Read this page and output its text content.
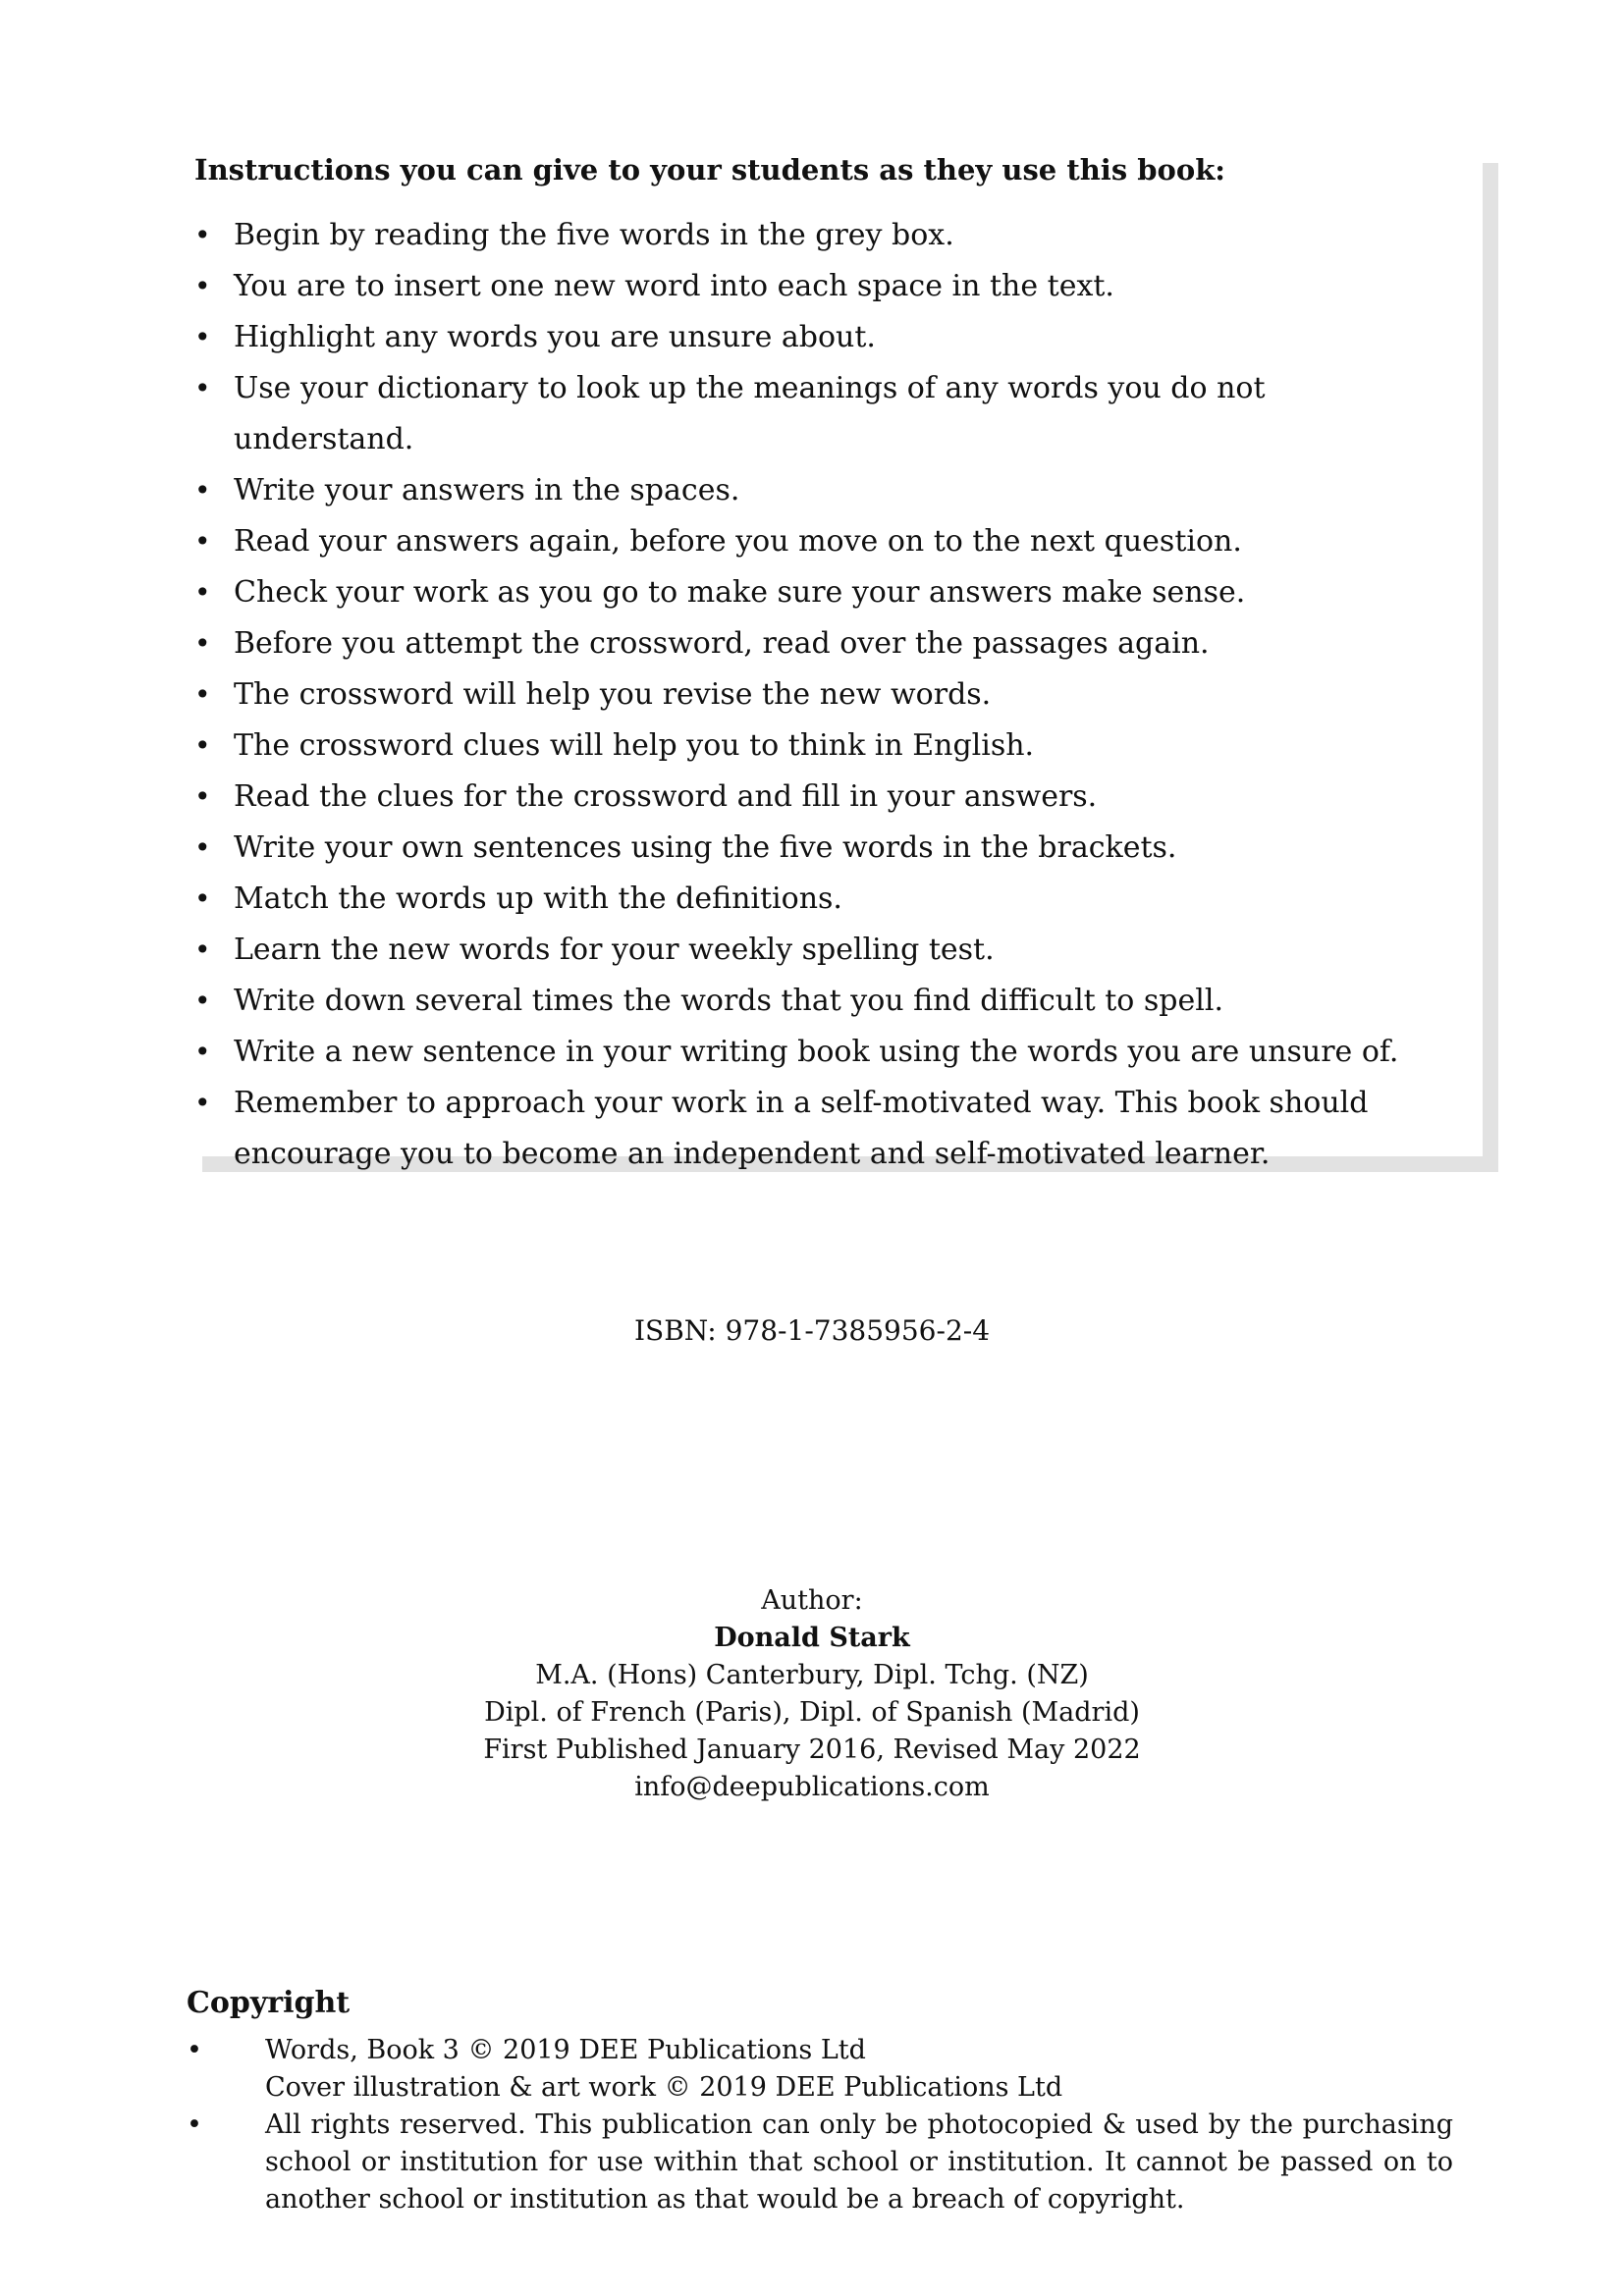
Instructions you can give to your students as they use this book:
• Begin by reading the five words in the grey box.
• You are to insert one new word into each space in the text.
• Highlight any words you are unsure about.
• Use your dictionary to look up the meanings of any words you do not understand.
• Write your answers in the spaces.
• Read your answers again, before you move on to the next question.
• Check your work as you go to make sure your answers make sense.
• Before you attempt the crossword, read over the passages again.
• The crossword will help you revise the new words.
• The crossword clues will help you to think in English.
• Read the clues for the crossword and fill in your answers.
• Write your own sentences using the five words in the brackets.
• Match the words up with the definitions.
• Learn the new words for your weekly spelling test.
• Write down several times the words that you find difficult to spell.
• Write a new sentence in your writing book using the words you are unsure of.
• Remember to approach your work in a self-motivated way. This book should encourage you to become an independent and self-motivated learner.
ISBN: 978-1-7385956-2-4
Author:
Donald Stark
M.A. (Hons) Canterbury, Dipl. Tchg. (NZ)
Dipl. of French (Paris), Dipl. of Spanish (Madrid)
First Published January 2016, Revised May 2022
info@deepublications.com
Copyright
• Words, Book 3 © 2019 DEE Publications Ltd
Cover illustration & art work © 2019 DEE Publications Ltd
• All rights reserved. This publication can only be photocopied & used by the purchasing school or institution for use within that school or institution. It cannot be passed on to another school or institution as that would be a breach of copyright.
